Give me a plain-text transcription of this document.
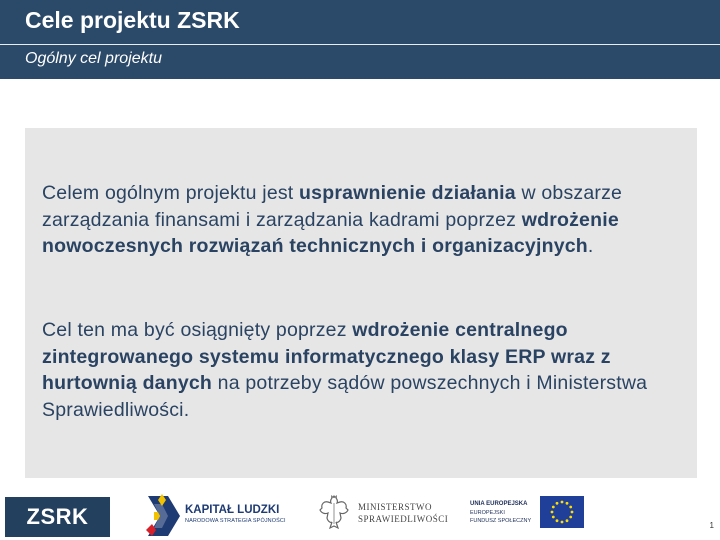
Cele projektu ZSRK
Ogólny cel projektu
Celem ogólnym projektu jest usprawnienie działania w obszarze zarządzania finansami i zarządzania kadrami poprzez wdrożenie nowoczesnych rozwiązań technicznych i organizacyjnych.
Cel ten ma być osiągnięty poprzez wdrożenie centralnego zintegrowanego systemu informatycznego klasy ERP wraz z hurtownią danych na potrzeby sądów powszechnych i Ministerstwa Sprawiedliwości.
ZSRK	KAPITAŁ LUDZKI
NARODOWA STRATEGIA SPÓJNOŚCI
MINISTERSTWO
SPRAWIEDLIWOŚCI
UNIA EUROPEJSKA
EUROPEJSKI
FUNDUSZ SPOŁECZNY	1
